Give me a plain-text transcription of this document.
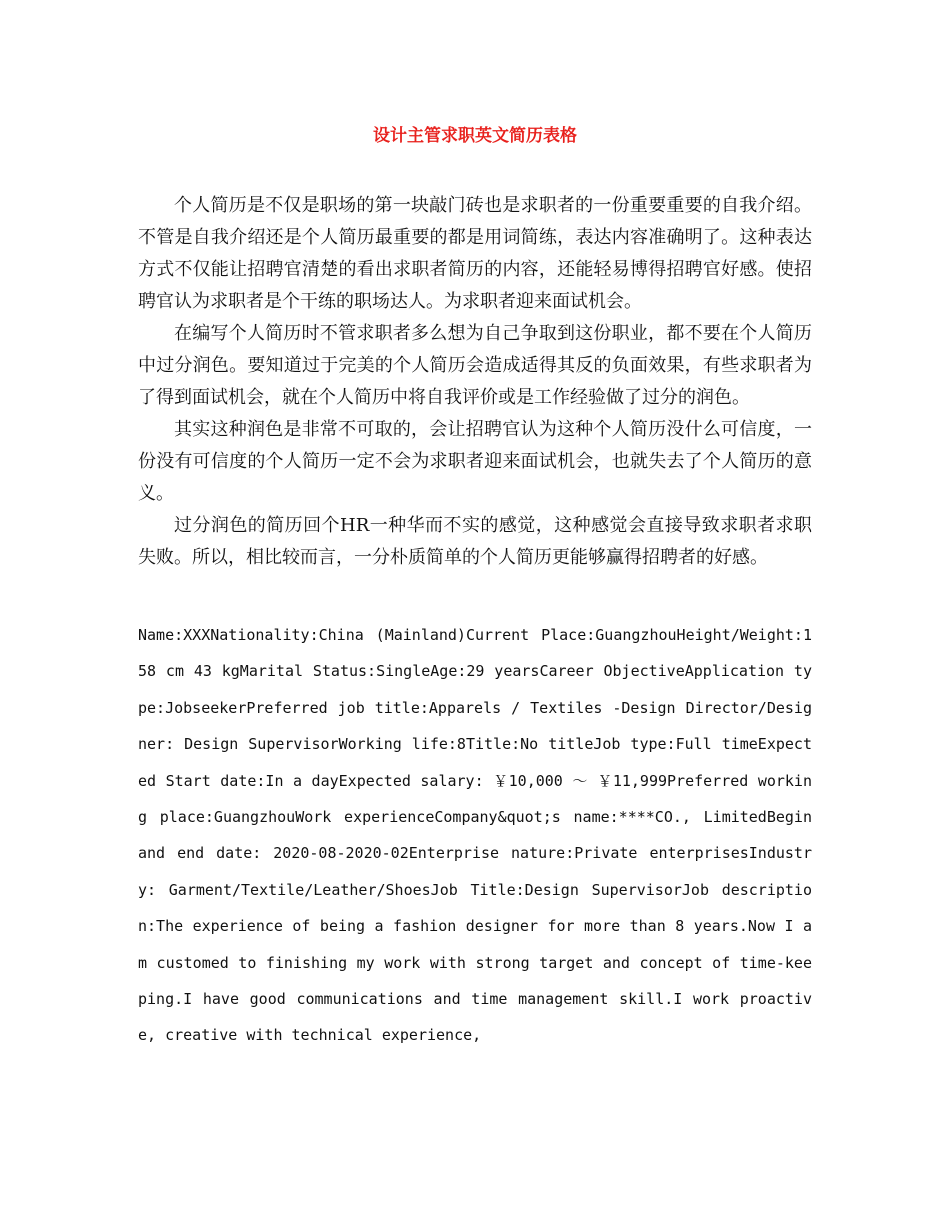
设计主管求职英文简历表格

个人简历是不仅是职场的第一块敲门砖也是求职者的一份重要重要的自我介绍。不管是自我介绍还是个人简历最重要的都是用词简练，表达内容准确明了。这种表达方式不仅能让招聘官清楚的看出求职者简历的内容，还能轻易博得招聘官好感。使招聘官认为求职者是个干练的职场达人。为求职者迎来面试机会。

在编写个人简历时不管求职者多么想为自己争取到这份职业，都不要在个人简历中过分润色。要知道过于完美的个人简历会造成适得其反的负面效果，有些求职者为了得到面试机会，就在个人简历中将自我评价或是工作经验做了过分的润色。

其实这种润色是非常不可取的，会让招聘官认为这种个人简历没什么可信度，一份没有可信度的个人简历一定不会为求职者迎来面试机会，也就失去了个人简历的意义。

过分润色的简历回个HR一种华而不实的感觉，这种感觉会直接导致求职者求职失败。所以，相比较而言，一分朴质简单的个人简历更能够赢得招聘者的好感。

Name:XXXNationality:China (Mainland)Current Place:GuangzhouHeight/Weight:158 cm 43 kgMarital Status:SingleAge:29 yearsCareer ObjectiveApplication type:JobseekerPreferred job title:Apparels / Textiles -Design Director/Designer: Design SupervisorWorking life:8Title:No titleJob type:Full timeExpected Start date:In a dayExpected salary: ￥10,000 ～ ￥11,999Preferred working place:GuangzhouWork experienceCompany&quot;s name:****CO., LimitedBegin and end date: 2020-08-2020-02Enterprise nature:Private enterprisesIndustry: Garment/Textile/Leather/ShoesJob Title:Design SupervisorJob description:The experience of being a fashion designer for more than 8 years.Now I am customed to finishing my work with strong target and concept of time-keeping.I have good communications and time management skill.I work proactive, creative with technical experience,
